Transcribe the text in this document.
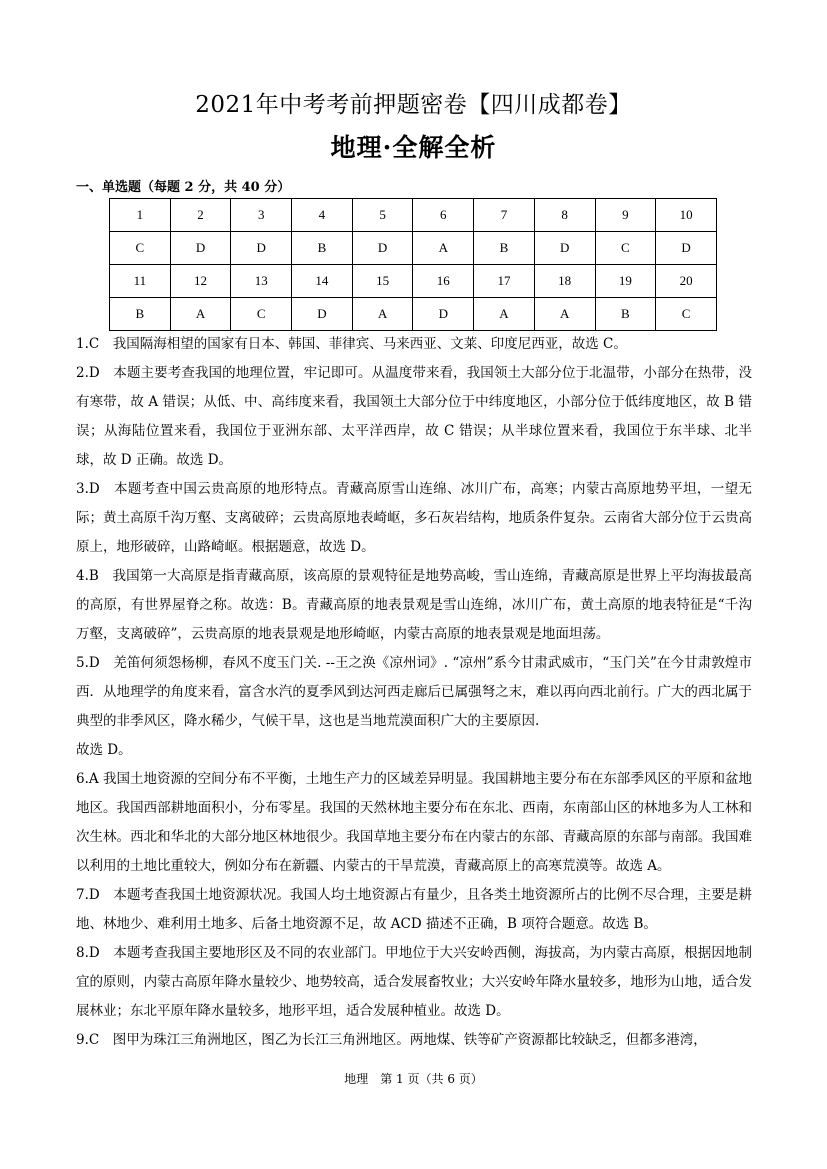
2021年中考考前押题密卷【四川成都卷】
地理·全解全析
一、单选题（每题 2 分，共 40 分）
1	2	3	4	5	6	7	8	9	10
C	D	D	B	D	A	B	D	C	D
11	12	13	14	15	16	17	18	19	20
B	A	C	D	A	D	A	A	B	C

1.C　我国隔海相望的国家有日本、韩国、菲律宾、马来西亚、文莱、印度尼西亚，故选 C。

2.D　本题主要考查我国的地理位置，牢记即可。从温度带来看，我国领土大部分位于北温带，小部分在热带，没有寒带，故 A 错误；从低、中、高纬度来看，我国领土大部分位于中纬度地区，小部分位于低纬度地区，故 B 错误；从海陆位置来看，我国位于亚洲东部、太平洋西岸，故 C 错误；从半球位置来看，我国位于东半球、北半球，故 D 正确。故选 D。

3.D　本题考查中国云贵高原的地形特点。青藏高原雪山连绵、冰川广布，高寒；内蒙古高原地势平坦，一望无际；黄土高原千沟万壑、支离破碎；云贵高原地表崎岖，多石灰岩结构，地质条件复杂。云南省大部分位于云贵高原上，地形破碎，山路崎岖。根据题意，故选 D。

4.B　我国第一大高原是指青藏高原，该高原的景观特征是地势高峻，雪山连绵，青藏高原是世界上平均海拔最高的高原，有世界屋脊之称。故选：B。青藏高原的地表景观是雪山连绵，冰川广布，黄土高原的地表特征是“千沟万壑，支离破碎”，云贵高原的地表景观是地形崎岖，内蒙古高原的地表景观是地面坦荡。

5.D　羌笛何须怨杨柳，春风不度玉门关. --王之涣《凉州词》. “凉州”系今甘肃武威市，“玉门关”在今甘肃敦煌市西．从地理学的角度来看，富含水汽的夏季风到达河西走廊后已属强弩之末，难以再向西北前行。广大的西北属于典型的非季风区，降水稀少，气候干旱，这也是当地荒漠面积广大的主要原因.

故选 D。

6.A 我国土地资源的空间分布不平衡，土地生产力的区域差异明显。我国耕地主要分布在东部季风区的平原和盆地地区。我国西部耕地面积小，分布零星。我国的天然林地主要分布在东北、西南，东南部山区的林地多为人工林和次生林。西北和华北的大部分地区林地很少。我国草地主要分布在内蒙古的东部、青藏高原的东部与南部。我国难以利用的土地比重较大，例如分布在新疆、内蒙古的干旱荒漠，青藏高原上的高寒荒漠等。故选 A。

7.D　本题考查我国土地资源状况。我国人均土地资源占有量少，且各类土地资源所占的比例不尽合理，主要是耕地、林地少、难利用土地多、后备土地资源不足，故 ACD 描述不正确，B 项符合题意。故选 B。

8.D　本题考查我国主要地形区及不同的农业部门。甲地位于大兴安岭西侧，海拔高，为内蒙古高原，根据因地制宜的原则，内蒙古高原年降水量较少、地势较高，适合发展畜牧业；大兴安岭年降水量较多，地形为山地，适合发展林业；东北平原年降水量较多，地形平坦，适合发展种植业。故选 D。

9.C　图甲为珠江三角洲地区，图乙为长江三角洲地区。两地煤、铁等矿产资源都比较缺乏，但都多港湾，

地理　第 1 页（共 6 页）
